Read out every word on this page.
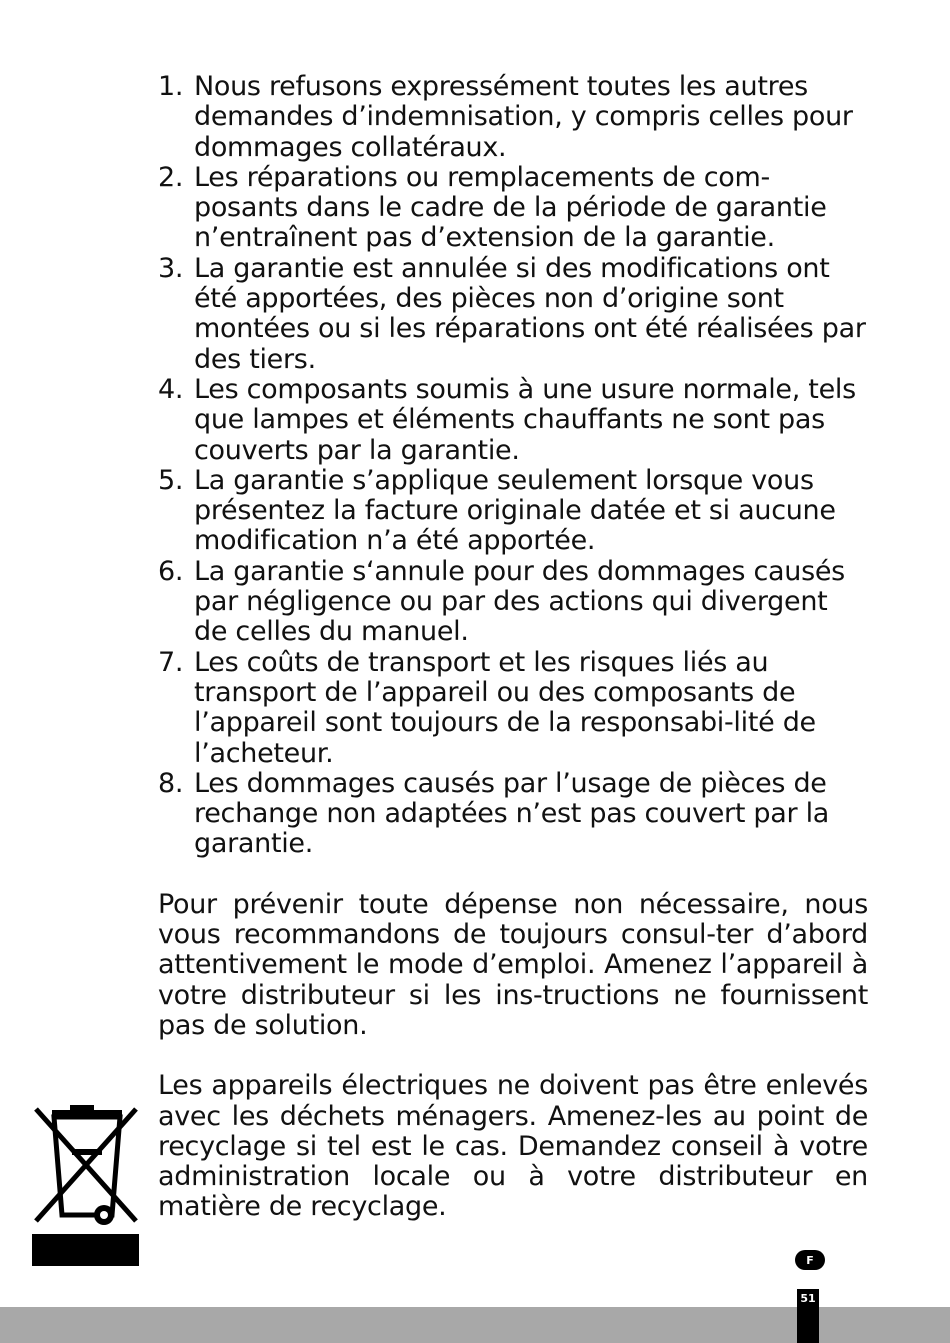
1. Nous refusons expressément toutes les autres demandes d’indemnisation, y compris celles pour dommages collatéraux.
2. Les réparations ou remplacements de com-posants dans le cadre de la période de garantie n’entraînent pas d’extension de la garantie.
3. La garantie est annulée si des modifications ont été apportées, des pièces non d’origine sont montées ou si les réparations ont été réalisées par des tiers.
4. Les composants soumis à une usure normale, tels que lampes et éléments chauffants ne sont pas couverts par la garantie.
5. La garantie s’applique seulement lorsque vous présentez la facture originale datée et si aucune modification n’a été apportée.
6. La garantie s‘annule pour des dommages causés par négligence ou par des actions qui divergent de celles du manuel.
7. Les coûts de transport et les risques liés au transport de l’appareil ou des composants de l’appareil sont toujours de la responsabi-lité de l’acheteur.
8. Les dommages causés par l’usage de pièces de rechange non adaptées n’est pas couvert par la garantie.

Pour prévenir toute dépense non nécessaire, nous vous recommandons de toujours consul-ter d’abord attentivement le mode d’emploi. Amenez l’appareil à votre distributeur si les ins-tructions ne fournissent pas de solution.

Les appareils électriques ne doivent pas être enlevés avec les déchets ménagers. Amenez-les au point de recyclage si tel est le cas. Demandez conseil à votre administration locale ou à votre distributeur en matière de recyclage.

F
51
